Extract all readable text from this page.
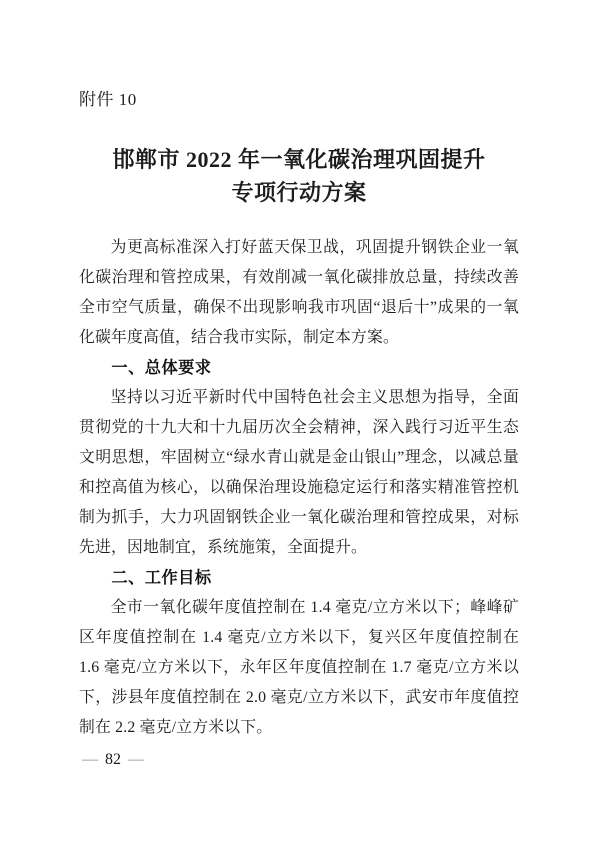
附件 10
邯郸市 2022 年一氧化碳治理巩固提升
专项行动方案

为更高标准深入打好蓝天保卫战，巩固提升钢铁企业一氧化碳治理和管控成果，有效削减一氧化碳排放总量，持续改善全市空气质量，确保不出现影响我市巩固“退后十”成果的一氧化碳年度高值，结合我市实际，制定本方案。

一、总体要求

坚持以习近平新时代中国特色社会主义思想为指导，全面贯彻党的十九大和十九届历次全会精神，深入践行习近平生态文明思想，牢固树立“绿水青山就是金山银山”理念，以减总量和控高值为核心，以确保治理设施稳定运行和落实精准管控机制为抓手，大力巩固钢铁企业一氧化碳治理和管控成果，对标先进，因地制宜，系统施策，全面提升。

二、工作目标

全市一氧化碳年度值控制在 1.4 毫克/立方米以下；峰峰矿区年度值控制在 1.4 毫克/立方米以下，复兴区年度值控制在 1.6 毫克/立方米以下，永年区年度值控制在 1.7 毫克/立方米以下，涉县年度值控制在 2.0 毫克/立方米以下，武安市年度值控制在 2.2 毫克/立方米以下。

— 82 —
